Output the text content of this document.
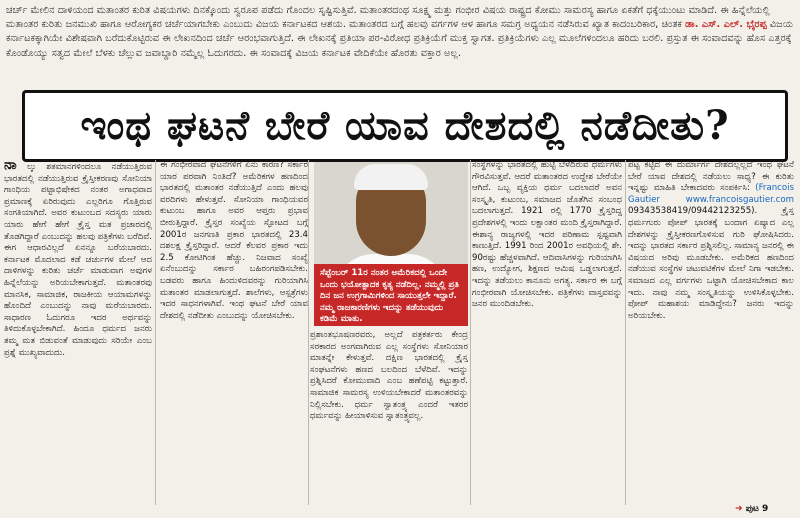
ಚರ್ಚ್ ಮೇಲಿನ ದಾಳಿಯಂದ ಮತಾಂತರ ಕುರಿತ ವಿಷಯಗಳು ದಿನಕ್ಕೊಂದು ಸ್ವರೂಪ ಪಡೆದು ಗೊಂದಲ ಸೃಷ್ಟಿಸುತ್ತಿವೆ. ಮತಾಂತರದಂಥ ಸೂಕ್ಷ್ಮ ಮತ್ತು ಗಂಭೀರ ವಿಷಯ ರಾಷ್ಟ್ರದ ಕೋಮು ಸಾಮರಸ್ಯ ಹಾಗೂ ಏಕತೆಗೆ ಧಕ್ಕೆಯುಂಟು ಮಾಡಿದೆ. ಈ ಹಿನ್ನೆಲೆಯಲ್ಲಿ ಮತಾಂತರ ಕುರಿತು ಜನಮುಖಿ ಹಾಗೂ ಆರೋಗ್ಯಕರ ಚರ್ಚೆಯಾಗಬೇಕು ಎಂಬುದು ವಿಜಯ ಕರ್ನಾಟಕದ ಆಶಯ. ಮತಾಂತರದ ಬಗ್ಗೆ ಹಲವು ವರ್ಗಗಳ ಆಳ ಹಾಗೂ ಸಮಗ್ರ ಅಧ್ಯಯನ ನಡೆಸಿರುವ ಖ್ಯಾತ ಕಾದಂಬರಿಕಾರ, ಚಿಂತಕ ಡಾ. ಎಸ್. ಎಲ್. ಭೈರಪ್ಪ ವಿಜಯ ಕರ್ನಾಟಕಕ್ಕಾಗಿಯೇ ವಿಶೇಷವಾಗಿ ಬರೆದುಕೊಟ್ಟಿರುವ ಈ ಲೇಖನದಿಂದ ಚರ್ಚೆ ಆರಂಭವಾಗುತ್ತಿದೆ. ಈ ಲೇಖನಕ್ಕೆ ಪ್ರತಿಯಾ ಪರ-ವಿರೋಧ ಪ್ರತಿಕ್ರಿಯೆಗೆ ಮುಕ್ತ ಸ್ವಾಗತ. ಪ್ರತಿಕ್ರಿಯೆಗಳು ಎಲ್ಲ ಮೂಲೆಗಳಿಂದಲೂ ಹರಿದು ಬರಲಿ. ಪ್ರಸ್ತುತ ಈ ಸಂವಾದವನ್ನು ಹೊಸ ಎತ್ತರಕ್ಕೆ ಕೊಂಡೊಯ್ಯು ಸತ್ವದ ಮೇಲೆ ಬೆಳಕು ಚೆಲ್ಲುವ ಜವಾಬ್ದಾರಿ ನಮ್ಮೆಲ್ಲ ಓದುಗರದು. ಈ ಸಂವಾದಕ್ಕೆ ವಿಜಯ ಕರ್ನಾಟಕ ವೇದಿಕೆಯೇ ಹೊರತು ವಕ್ತಾರ ಅಲ್ಲ.
ಇಂಥ ಘಟನೆ ಬೇರೆ ಯಾವ ದೇಶದಲ್ಲಿ ನಡೆದೀತು?
ನಾ ಲ್ಕು ಶತಮಾನಗಳಿಂದಲೂ ನಡೆಯುತ್ತಿರುವ ಭಾರತದಲ್ಲಿ ನಡೆಯುತ್ತಿರುವ ಕ್ರೈಸ್ತೀಕರಣವು ಸೋನಿಯಾ ಗಾಂಧಿಯ ಪಟ್ಟಾಭಿಷೇಕದ ನಂತರ ಅಗಾಧವಾದ ಪ್ರಮಾಣಕ್ಕೆ ಏರಿರುವುದು ಎಲ್ಲರಿಗೂ ಗೊತ್ತಿರುವ ಸಂಗತಿಯಾಗಿದೆ. ಅವರ ಕುಟುಂಬದ ಸದಸ್ಯರು ಯಾರು ಯಾರು ಹೇಗೆ ಹೇಗೆ ಕ್ರೈಸ್ತ ಮತ ಪ್ರಚಾರದಲ್ಲಿ ತೊಡಗಿದ್ದಾರೆ ಎಂಬುದನ್ನು ಹಲವು ಪತ್ರಿಕೆಗಳು ಬರೆದಿವೆ. ಈಗ ಆಧಾರವಿಲ್ಲದೆ ಏನನ್ನೂ ಬರೆಯಬಾರದು. ಕರ್ನಾಟಕ ಮೊದಲಾದ ಕಡೆ ಚರ್ಚುಗಳ ಮೇಲೆ ಆದ ದಾಳಿಗಳನ್ನು ಕುರಿತು ಚರ್ಚೆ ಮಾಡುವಾಗ ಅವುಗಳ ಹಿನ್ನೆಲೆಯನ್ನು ಅರಿಯಬೇಕಾಗುತ್ತದೆ. ಮತಾಂತರವು ಮಾನಸಿಕ, ಸಾಮಾಜಿಕ, ರಾಜಕೀಯ ಆಯಾಮಗಳನ್ನು ಹೊಂದಿದೆ ಎಂಬುದನ್ನು ನಾವು ಮರೆಯಬಾರದು. ಸಾಧಾರಣ ಓದುಗರೂ ಇದರ ಅರ್ಥವನ್ನು ತಿಳಿದುಕೊಳ್ಳಬೇಕಾಗಿದೆ. ಹಿಂದೂ ಧರ್ಮದ ಜನರು ತಮ್ಮ ಮತ ಬಿಡುವಂತೆ ಮಾಡುವುದು ಸರಿಯೇ ಎಂಬ ಪ್ರಶ್ನೆ ಮುಖ್ಯವಾದುದು.
ಈ ಗಂಭೀರವಾದ ಘಟನೆಗಳಿಗೆ ಏನು ಕಾರಣ? ಸರ್ಕಾರ ಯಾರ ಪರವಾಗಿ ನಿಂತಿದೆ? ಅಮೆರಿಕಗಳ ಹಣದಿಂದ ಭಾರತದಲ್ಲಿ ಮತಾಂತರ ನಡೆಯುತ್ತಿದೆ ಎಂದು ಹಲವು ವರದಿಗಳು ಹೇಳುತ್ತವೆ. ಸೋನಿಯಾ ಗಾಂಧಿಯವರ ಕುಟುಂಬ ಹಾಗೂ ಅವರ ಆಪ್ತರು ಪ್ರಭಾವ ಬೀರುತ್ತಿದ್ದಾರೆ. ಕ್ರೈಸ್ತರ ಸಂಖ್ಯೆಯ ಸ್ಫೋಟದ ಬಗ್ಗೆ 2001ರ ಜನಗಣತಿ ಪ್ರಕಾರ ಭಾರತದಲ್ಲಿ 23.4 ದಶಲಕ್ಷ ಕ್ರೈಸ್ತರಿದ್ದಾರೆ. ಆದರೆ ಕೆಲವರ ಪ್ರಕಾರ ಇದು 2.5 ಕೋಟಿಗಿಂತ ಹೆಚ್ಚು. ನಿಜವಾದ ಸಂಖ್ಯೆ ಏನೆಂಬುದನ್ನು ಸರ್ಕಾರ ಬಹಿರಂಗಪಡಿಸಬೇಕು. ಬಡವರು ಹಾಗೂ ಹಿಂದುಳಿದವರನ್ನು ಗುರಿಯಾಗಿಸಿ ಮತಾಂತರ ಮಾಡಲಾಗುತ್ತದೆ. ಶಾಲೆಗಳು, ಆಸ್ಪತ್ರೆಗಳು ಇದರ ಸಾಧನಗಳಾಗಿವೆ. ಇಂಥ ಘಟನೆ ಬೇರೆ ಯಾವ ದೇಶದಲ್ಲಿ ನಡೆದೀತು ಎಂಬುದನ್ನು ಯೋಚಿಸಬೇಕು.
ಸೆಪ್ಟೆಂಬರ್ 11ರ ನಂತರ ಅಮೆರಿಕದಲ್ಲಿ ಒಂದೇ ಒಂದು ಭಯೋತ್ಪಾದಕ ಕೃತ್ಯ ನಡೆದಿಲ್ಲ. ನಮ್ಮಲ್ಲಿ ಪ್ರತಿ ದಿನ ಜನ ಉಗ್ರಗಾಮಿಗಳಿಂದ ಸಾಯುತ್ತಲೇ ಇದ್ದಾರೆ. ನಮ್ಮ ರಾಜಕಾರಣಿಗಳು ಇದನ್ನು ತಡೆಯುವುದು ಕಡಿಮೆ ಮಾತು.
ಪ್ರಶಾಂತಭೂಷಣರವರು, ಅಲ್ಲದೆ ಪತ್ರಕರ್ತರು ಕೇಂದ್ರ ಸರಕಾರದ ಅಂಗವಾಗಿರುವ ಎಲ್ಲ ಸಂಸ್ಥೆಗಳು ಸೋನಿಯಾರ ಮಾತನ್ನೇ ಕೇಳುತ್ತವೆ. ದಕ್ಷಿಣ ಭಾರತದಲ್ಲಿ ಕ್ರೈಸ್ತ ಸಂಘಟನೆಗಳು ಹಣದ ಬಲದಿಂದ ಬೆಳೆದಿವೆ. ಇದನ್ನು ಪ್ರಶ್ನಿಸಿದರೆ ಕೋಮುವಾದಿ ಎಂಬ ಹಣೆಪಟ್ಟಿ ಕಟ್ಟುತ್ತಾರೆ. ಸಾಮಾಜಿಕ ಸಾಮರಸ್ಯ ಉಳಿಯಬೇಕಾದರೆ ಮತಾಂತರವನ್ನು ನಿಲ್ಲಿಸಬೇಕು. ಧರ್ಮ ಸ್ವಾತಂತ್ರ್ಯ ಎಂದರೆ ಇತರರ ಧರ್ಮವನ್ನು ಹೀಯಾಳಿಸುವ ಸ್ವಾತಂತ್ರ್ಯವಲ್ಲ.
ಸಂಸ್ಥೆಗಳನ್ನು ಭಾರತದಲ್ಲಿ ಹುಟ್ಟಿ ಬೆಳೆದಿರುವ ಧರ್ಮಗಳು ಗೌರವಿಸುತ್ತವೆ. ಆದರೆ ಮತಾಂತರದ ಉದ್ದೇಶ ಬೇರೆಯೇ ಆಗಿದೆ. ಒಬ್ಬ ವ್ಯಕ್ತಿಯ ಧರ್ಮ ಬದಲಾದರೆ ಅವನ ಸಂಸ್ಕೃತಿ, ಕುಟುಂಬ, ಸಮಾಜದ ಜೊತೆಗಿನ ಸಂಬಂಧ ಬದಲಾಗುತ್ತದೆ. 1921 ರಲ್ಲಿ 1770 ಕ್ರೈಸ್ತರಿದ್ದ ಪ್ರದೇಶಗಳಲ್ಲಿ ಇಂದು ಲಕ್ಷಾಂತರ ಮಂದಿ ಕ್ರೈಸ್ತರಾಗಿದ್ದಾರೆ. ಈಶಾನ್ಯ ರಾಜ್ಯಗಳಲ್ಲಿ ಇದರ ಪರಿಣಾಮ ಸ್ಪಷ್ಟವಾಗಿ ಕಾಣುತ್ತಿದೆ. 1991 ರಿಂದ 2001ರ ಅವಧಿಯಲ್ಲಿ ಶೇ. 90ರಷ್ಟು ಹೆಚ್ಚಳವಾಗಿದೆ. ಆದಿವಾಸಿಗಳನ್ನು ಗುರಿಯಾಗಿಸಿ ಹಣ, ಉದ್ಯೋಗ, ಶಿಕ್ಷಣದ ಆಮಿಷ ಒಡ್ಡಲಾಗುತ್ತದೆ. ಇದನ್ನು ತಡೆಯಲು ಕಾನೂನು ಅಗತ್ಯ. ಸರ್ಕಾರ ಈ ಬಗ್ಗೆ ಗಂಭೀರವಾಗಿ ಯೋಚಿಸಬೇಕು. ಪತ್ರಿಕೆಗಳು ವಾಸ್ತವವನ್ನು ಜನರ ಮುಂದಿಡಬೇಕು.
ಪಟ್ಟ ಕಟ್ಟಿದ ಈ ದುರ್ಮಾರ್ಗ ದೇಶದಲ್ಲಲ್ಲದೆ ಇಂಥ ಘಟನೆ ಬೇರೆ ಯಾವ ದೇಶದಲ್ಲಿ ನಡೆಯಲು ಸಾಧ್ಯ? ಈ ಕುರಿತು ಇನ್ನಷ್ಟು ಮಾಹಿತಿ ಬೇಕಾದವರು ಸಂಪರ್ಕಿಸಿ: (Francois Gautier www.francoisgautier.com 09343538419/09442123255).	ಕ್ರೈಸ್ತ ಧರ್ಮಗುರು ಪೋಪ್ ಭಾರತಕ್ಕೆ ಬಂದಾಗ ಏಷ್ಯಾದ ಎಲ್ಲ ದೇಶಗಳನ್ನು ಕ್ರೈಸ್ತೀಕರಣಗೊಳಿಸುವ ಗುರಿ ಘೋಷಿಸಿದರು. ಇದನ್ನು ಭಾರತದ ಸರ್ಕಾರ ಪ್ರಶ್ನಿಸಲಿಲ್ಲ. ಸಾಮಾನ್ಯ ಜನರಲ್ಲಿ ಈ ವಿಷಯದ ಅರಿವು ಮೂಡಬೇಕು. ಅಮೆರಿಕದ ಹಣದಿಂದ ನಡೆಯುವ ಸಂಸ್ಥೆಗಳ ಚಟುವಟಿಕೆಗಳ ಮೇಲೆ ನಿಗಾ ಇಡಬೇಕು. ಸಮಾಜದ ಎಲ್ಲ ವರ್ಗಗಳು ಒಟ್ಟಾಗಿ ಯೋಚಿಸಬೇಕಾದ ಕಾಲ ಇದು. ನಾವು ನಮ್ಮ ಸಂಸ್ಕೃತಿಯನ್ನು ಉಳಿಸಿಕೊಳ್ಳಬೇಕು. ಪೋಪ್ ಮಹಾಶಯ ಮಾಡಿದ್ದೇನು? ಜನರು ಇದನ್ನು ಅರಿಯಬೇಕು.
➜ ಪುಟ 9
